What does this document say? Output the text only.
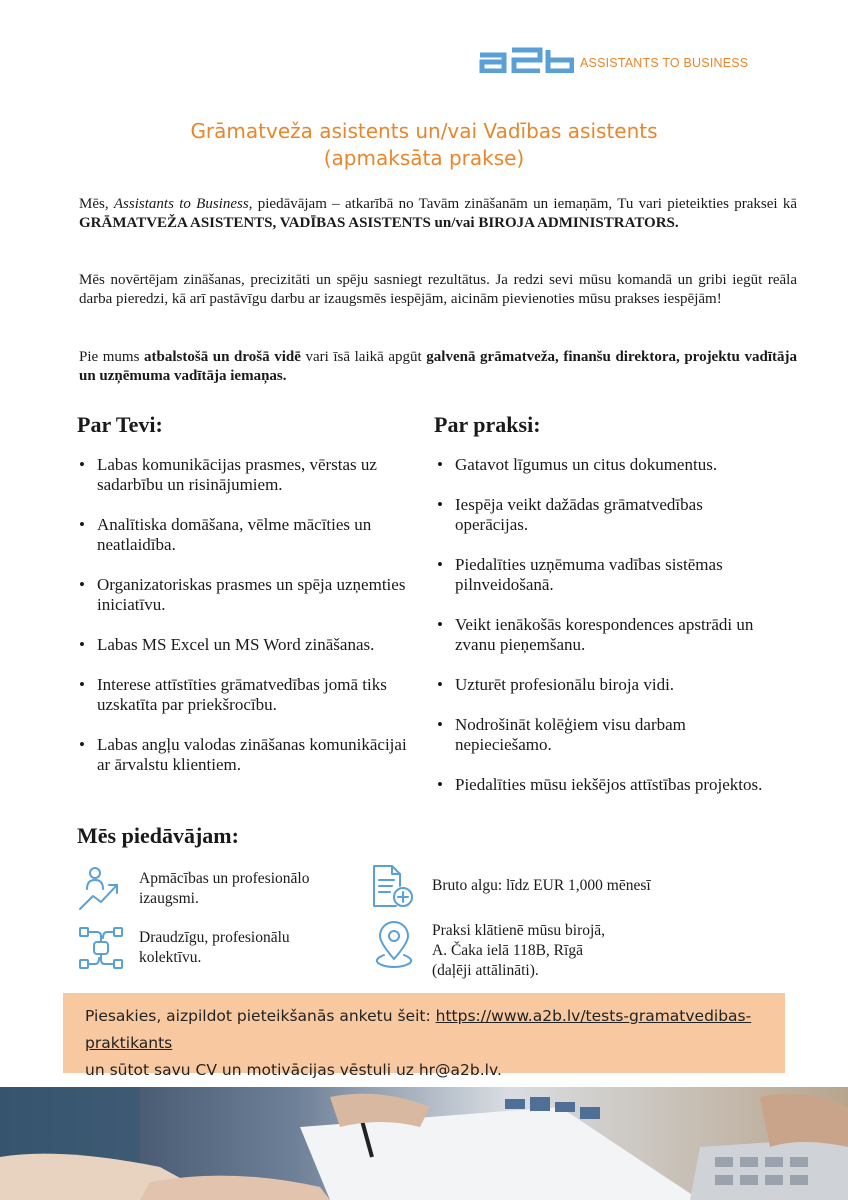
ASSISTANTS TO BUSINESS
Grāmatveža asistents un/vai Vadības asistents
(apmaksāta prakse)
Mēs, Assistants to Business, piedāvājam – atkarībā no Tavām zināšanām un iemaņām, Tu vari pieteikties praksei kā GRĀMATVEŽA ASISTENTS, VADĪBAS ASISTENTS un/vai BIROJA ADMINISTRATORS.
Mēs novērtējam zināšanas, precizitāti un spēju sasniegt rezultātus. Ja redzi sevi mūsu komandā un gribi iegūt reāla darba pieredzi, kā arī pastāvīgu darbu ar izaugsmēs iespējām, aicinām pievienoties mūsu prakses iespējām!
Pie mums atbalstošā un drošā vidē vari īsā laikā apgūt galvenā grāmatveža, finanšu direktora, projektu vadītāja un uzņēmuma vadītāja iemaņas.
Par Tevi:	Par praksi:
• Labas komunikācijas prasmes, vērstas uz sadarbību un risinājumiem.
• Analītiska domāšana, vēlme mācīties un neatlaidība.
• Organizatoriskas prasmes un spēja uzņemties iniciatīvu.
• Labas MS Excel un MS Word zināšanas.
• Interese attīstīties grāmatvedības jomā tiks uzskatīta par priekšrocību.
• Labas angļu valodas zināšanas komunikācijai ar ārvalstu klientiem.
• Gatavot līgumus un citus dokumentus.
• Iespēja veikt dažādas grāmatvedības operācijas.
• Piedalīties uzņēmuma vadības sistēmas pilnveidošanā.
• Veikt ienākošās korespondences apstrādi un zvanu pieņemšanu.
• Uzturēt profesionālu biroja vidi.
• Nodrošināt kolēģiem visu darbam nepieciešamo.
• Piedalīties mūsu iekšējos attīstības projektos.
Mēs piedāvājam:
Apmācības un profesionālo
izaugsmi.
Draudzīgu, profesionālu
kolektīvu.
Bruto algu: līdz EUR 1,000 mēnesī
Praksi klātienē mūsu birojā,
A. Čaka ielā 118B, Rīgā
(daļēji attālināti).
Piesakies, aizpildot pieteikšanās anketu šeit: https://www.a2b.lv/tests-gramatvedibas-praktikants
un sūtot savu CV un motivācijas vēstuli uz hr@a2b.lv.
